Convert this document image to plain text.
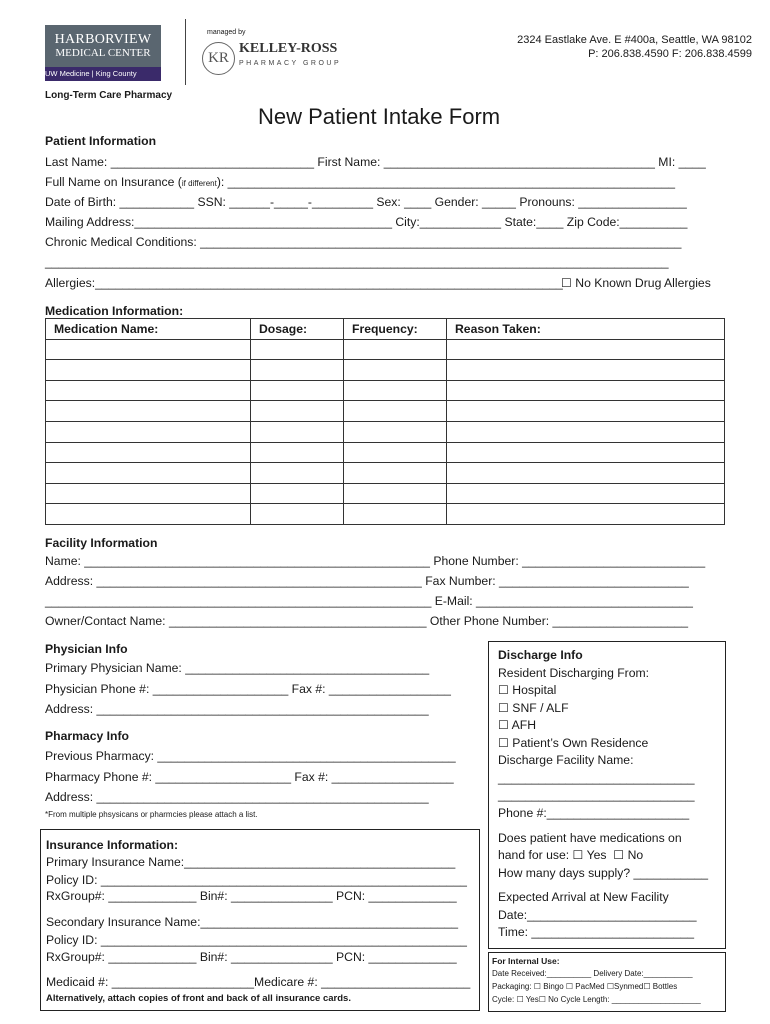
HARBORVIEW
MEDICAL CENTER
UW Medicine | King County
Long-Term Care Pharmacy
managed by
KR
KELLEY-ROSS
PHARMACY GROUP
2324 Eastlake Ave. E #400a, Seattle, WA 98102
P: 206.838.4590 F: 206.838.4599
New Patient Intake Form
Patient Information
Last Name: ______________________________ First Name: ________________________________________ MI: ____
Full Name on Insurance (if different): __________________________________________________________________
Date of Birth: ___________ SSN: ______-_____-_________ Sex: ____ Gender: _____ Pronouns: ________________
Mailing Address:______________________________________ City:____________ State:____ Zip Code:__________
Chronic Medical Conditions: _______________________________________________________________________
____________________________________________________________________________________________
Allergies:_____________________________________________________________________
☐ No Known Drug Allergies
Medication Information:
Medication Name:	Dosage:	Frequency:	Reason Taken:

Facility Information
Name: ___________________________________________________ Phone Number: ___________________________
Address: ________________________________________________ Fax Number: ____________________________
_________________________________________________________ E-Mail: ________________________________
Owner/Contact Name: ______________________________________ Other Phone Number: ____________________
Physician Info
Primary Physician Name: ____________________________________
Physician Phone #: ____________________ Fax #: __________________
Address: _________________________________________________
Pharmacy Info
Previous Pharmacy: ____________________________________________
Pharmacy Phone #: ____________________ Fax #: __________________
Address: _________________________________________________
*From multiple phsysicans or pharmcies please attach a list.
Insurance Information:
Primary Insurance Name:________________________________________
Policy ID: ______________________________________________________
RxGroup#: _____________ Bin#: _______________ PCN: _____________
Secondary Insurance Name:______________________________________
Policy ID: ______________________________________________________
RxGroup#: _____________ Bin#: _______________ PCN: _____________
Medicaid #: _____________________Medicare #: ______________________
Alternatively, attach copies of front and back of all insurance cards.
Discharge Info
Resident Discharging From:
☐ Hospital
☐ SNF / ALF
☐ AFH
☐ Patient’s Own Residence
Discharge Facility Name:
_____________________________
_____________________________
Phone #:_____________________
Does patient have medications on
hand for use: ☐ Yes  ☐ No
How many days supply? ___________
Expected Arrival at New Facility
Date:_________________________
Time: ________________________
For Internal Use:
Date Received:__________ Delivery Date:___________
Packaging: ☐ Bingo ☐ PacMed ☐Synmed☐ Bottles
Cycle: ☐ Yes☐ No Cycle Length: ____________________
